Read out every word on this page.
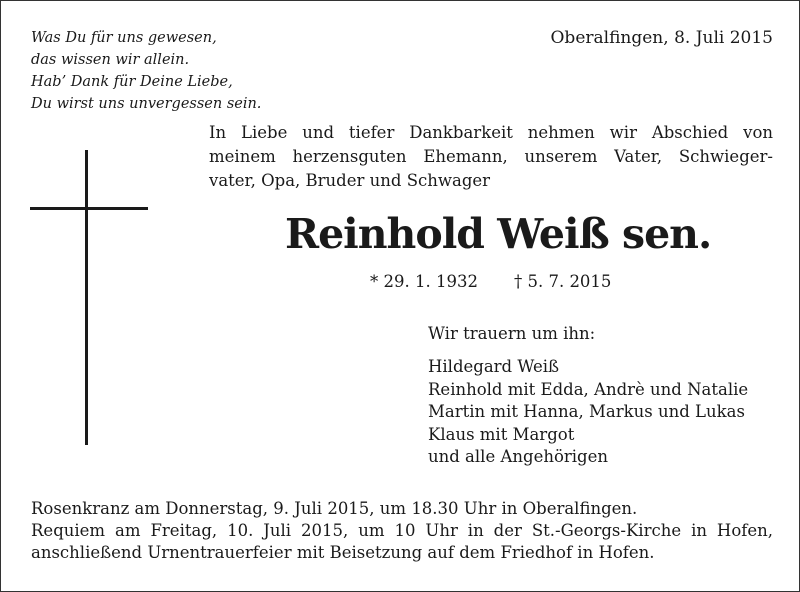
Was Du für uns gewesen,
das wissen wir allein.
Hab’ Dank für Deine Liebe,
Du wirst uns unvergessen sein.
Oberalfingen, 8. Juli 2015
In Liebe und tiefer Dankbarkeit nehmen wir Abschied von
meinem herzensguten Ehemann, unserem Vater, Schwieger-
vater, Opa, Bruder und Schwager
Reinhold Weiß sen.
* 29. 1. 1932 † 5. 7. 2015
Wir trauern um ihn:
Hildegard Weiß
Reinhold mit Edda, Andrè und Natalie
Martin mit Hanna, Markus und Lukas
Klaus mit Margot
und alle Angehörigen
Rosenkranz am Donnerstag, 9. Juli 2015, um 18.30 Uhr in Oberalfingen.
Requiem am Freitag, 10. Juli 2015, um 10 Uhr in der St.-Georgs-Kirche in Hofen,
anschließend Urnentrauerfeier mit Beisetzung auf dem Friedhof in Hofen.
